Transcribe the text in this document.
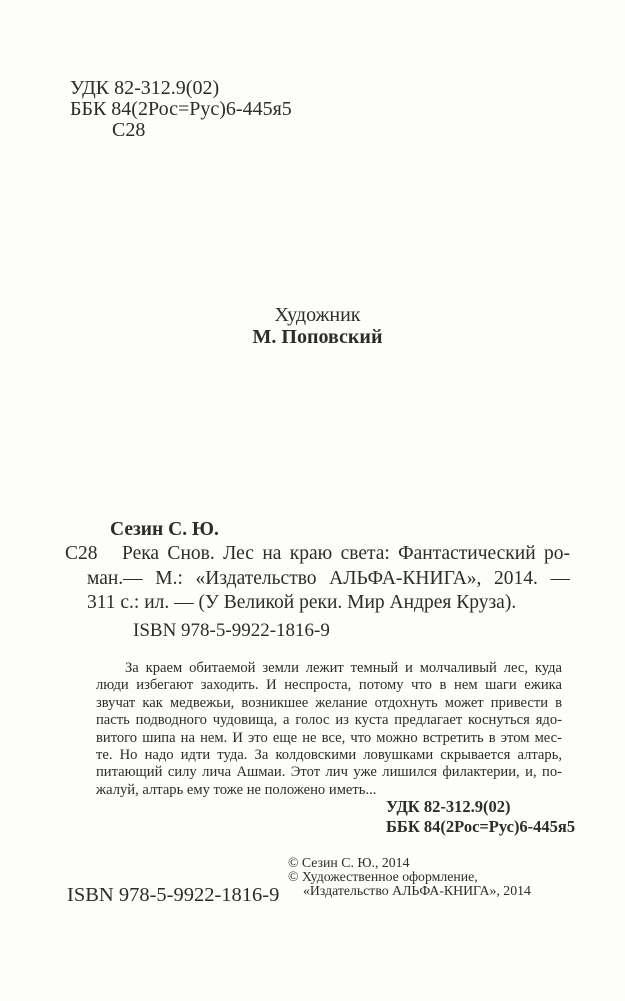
УДК 82-312.9(02)
ББК 84(2Рос=Рус)6-445я5
С28
Художник
М. Поповский
Сезин С. Ю.
С28	Река Снов. Лес на краю света: Фантастический ро-
ман.— М.: «Издательство АЛЬФА-КНИГА», 2014. —
311 с.: ил. — (У Великой реки. Мир Андрея Круза).
ISBN 978-5-9922-1816-9
За краем обитаемой земли лежит темный и молчаливый лес, куда
люди избегают заходить. И неспроста, потому что в нем шаги ежика
звучат как медвежьи, возникшее желание отдохнуть может привести в
пасть подводного чудовища, а голос из куста предлагает коснуться ядо-
витого шипа на нем. И это еще не все, что можно встретить в этом мес-
те. Но надо идти туда. За колдовскими ловушками скрывается алтарь,
питающий силу лича Ашмаи. Этот лич уже лишился филактерии, и, по-
жалуй, алтарь ему тоже не положено иметь...
УДК 82-312.9(02)
ББК 84(2Рос=Рус)6-445я5
© Сезин С. Ю., 2014
© Художественное оформление,
«Издательство АЛЬФА-КНИГА», 2014
ISBN 978-5-9922-1816-9
